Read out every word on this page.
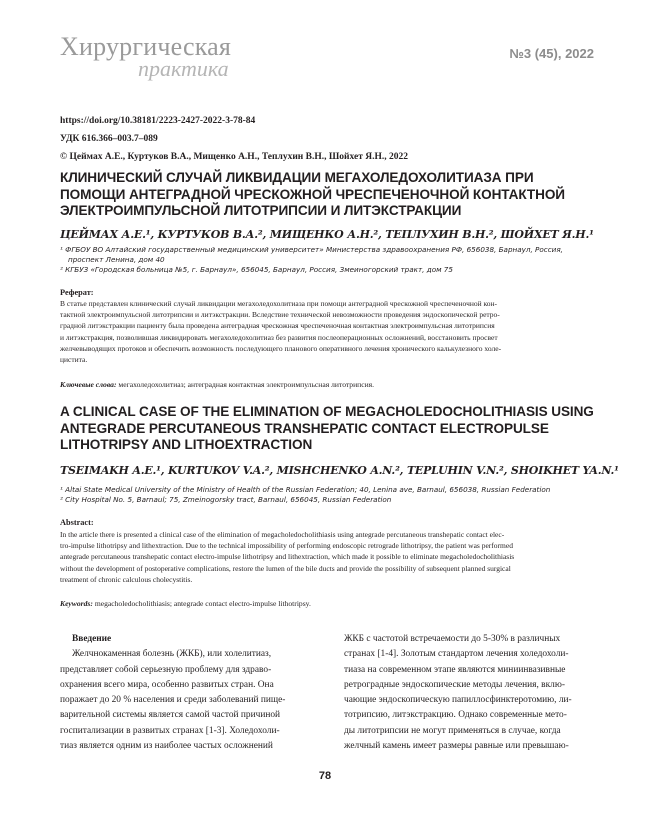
Хирургическая
практика
№3 (45), 2022
https://doi.org/10.38181/2223-2427-2022-3-78-84
УДК 616.366–003.7–089
© Цеймах А.Е., Куртуков В.А., Мищенко А.Н., Теплухин В.Н., Шойхет Я.Н., 2022
КЛИНИЧЕСКИЙ СЛУЧАЙ ЛИКВИДАЦИИ МЕГАХОЛЕДОХОЛИТИАЗА ПРИ
ПОМОЩИ АНТЕГРАДНОЙ ЧРЕСКОЖНОЙ ЧРЕСПЕЧЕНОЧНОЙ КОНТАКТНОЙ
ЭЛЕКТРОИМПУЛЬСНОЙ ЛИТОТРИПСИИ И ЛИТЭКСТРАКЦИИ
ЦЕЙМАХ А.Е.¹, КУРТУКОВ В.А.², МИЩЕНКО А.Н.², ТЕПЛУХИН В.Н.², ШОЙХЕТ Я.Н.¹
¹ ФГБОУ ВО Алтайский государственный медицинский университет» Министерства здравоохранения РФ, 656038, Барнаул, Россия,
проспект Ленина, дом 40
² КГБУЗ «Городская больница №5, г. Барнаул», 656045, Барнаул, Россия, Змеиногорский тракт, дом 75
Реферат:
В статье представлен клинический случай ликвидации мегахоледохолитиаза при помощи антеградной чрескожной чреспеченочной кон-
тактной электроимпульсной литотрипсии и литэкстракции. Вследствие технической невозможности проведения эндоскопической ретро-
градной литэкстракции пациенту была проведена антеградная чрескожная чреспеченочная контактная электроимпульсная литотрипсия
и литэкстракция, позволившая ликвидировать мегахоледохолитиаз без развития послеоперационных осложнений, восстановить просвет
желчевыводящих протоков и обеспечить возможность последующего планового оперативного лечения хронического калькулезного холе-
цистита.
Ключевые слова: мегахоледохолитиаз; антеградная контактная электроимпульсная литотрипсия.
A CLINICAL CASE OF THE ELIMINATION OF MEGACHOLEDOCHOLITHIASIS USING
ANTEGRADE PERCUTANEOUS TRANSHEPATIC CONTACT ELECTROPULSE
LITHOTRIPSY AND LITHOEXTRACTION
TSEIMAKH A.E.¹, KURTUKOV V.A.², MISHCHENKO A.N.², TEPLUHIN V.N.², SHOIKHET YA.N.¹
¹ Altai State Medical University of the Ministry of Health of the Russian Federation; 40, Lenina ave, Barnaul, 656038, Russian Federation
² City Hospital No. 5, Barnaul; 75, Zmeinogorsky tract, Barnaul, 656045, Russian Federation
Abstract:
In the article there is presented a clinical case of the elimination of megacholedocholithiasis using antegrade percutaneous transhepatic contact elec-
tro-impulse lithotripsy and lithextraction. Due to the technical impossibility of performing endoscopic retrograde lithotripsy, the patient was performed
antegrade percutaneous transhepatic contact electro-impulse lithotripsy and lithextraction, which made it possible to eliminate megacholedocholithiasis
without the development of postoperative complications, restore the lumen of the bile ducts and provide the possibility of subsequent planned surgical
treatment of chronic calculous cholecystitis.
Keywords: megacholedocholithiasis; antegrade contact electro-impulse lithotripsy.
Введение
Желчнокаменная болезнь (ЖКБ), или холелитиаз,
представляет собой серьезную проблему для здраво-
охранения всего мира, особенно развитых стран. Она
поражает до 20 % населения и среди заболеваний пище-
варительной системы является самой частой причиной
госпитализации в развитых странах [1-3]. Холедохоли-
тиаз является одним из наиболее частых осложнений
ЖКБ с частотой встречаемости до 5-30% в различных
странах [1-4]. Золотым стандартом лечения холедохоли-
тиаза на современном этапе являются миниинвазивные
ретроградные эндоскопические методы лечения, вклю-
чающие эндоскопическую папиллосфинктеротомию, ли-
тотрипсию, литэкстракцию. Однако современные мето-
ды литотрипсии не могут применяться в случае, когда
желчный камень имеет размеры равные или превышаю-
78
